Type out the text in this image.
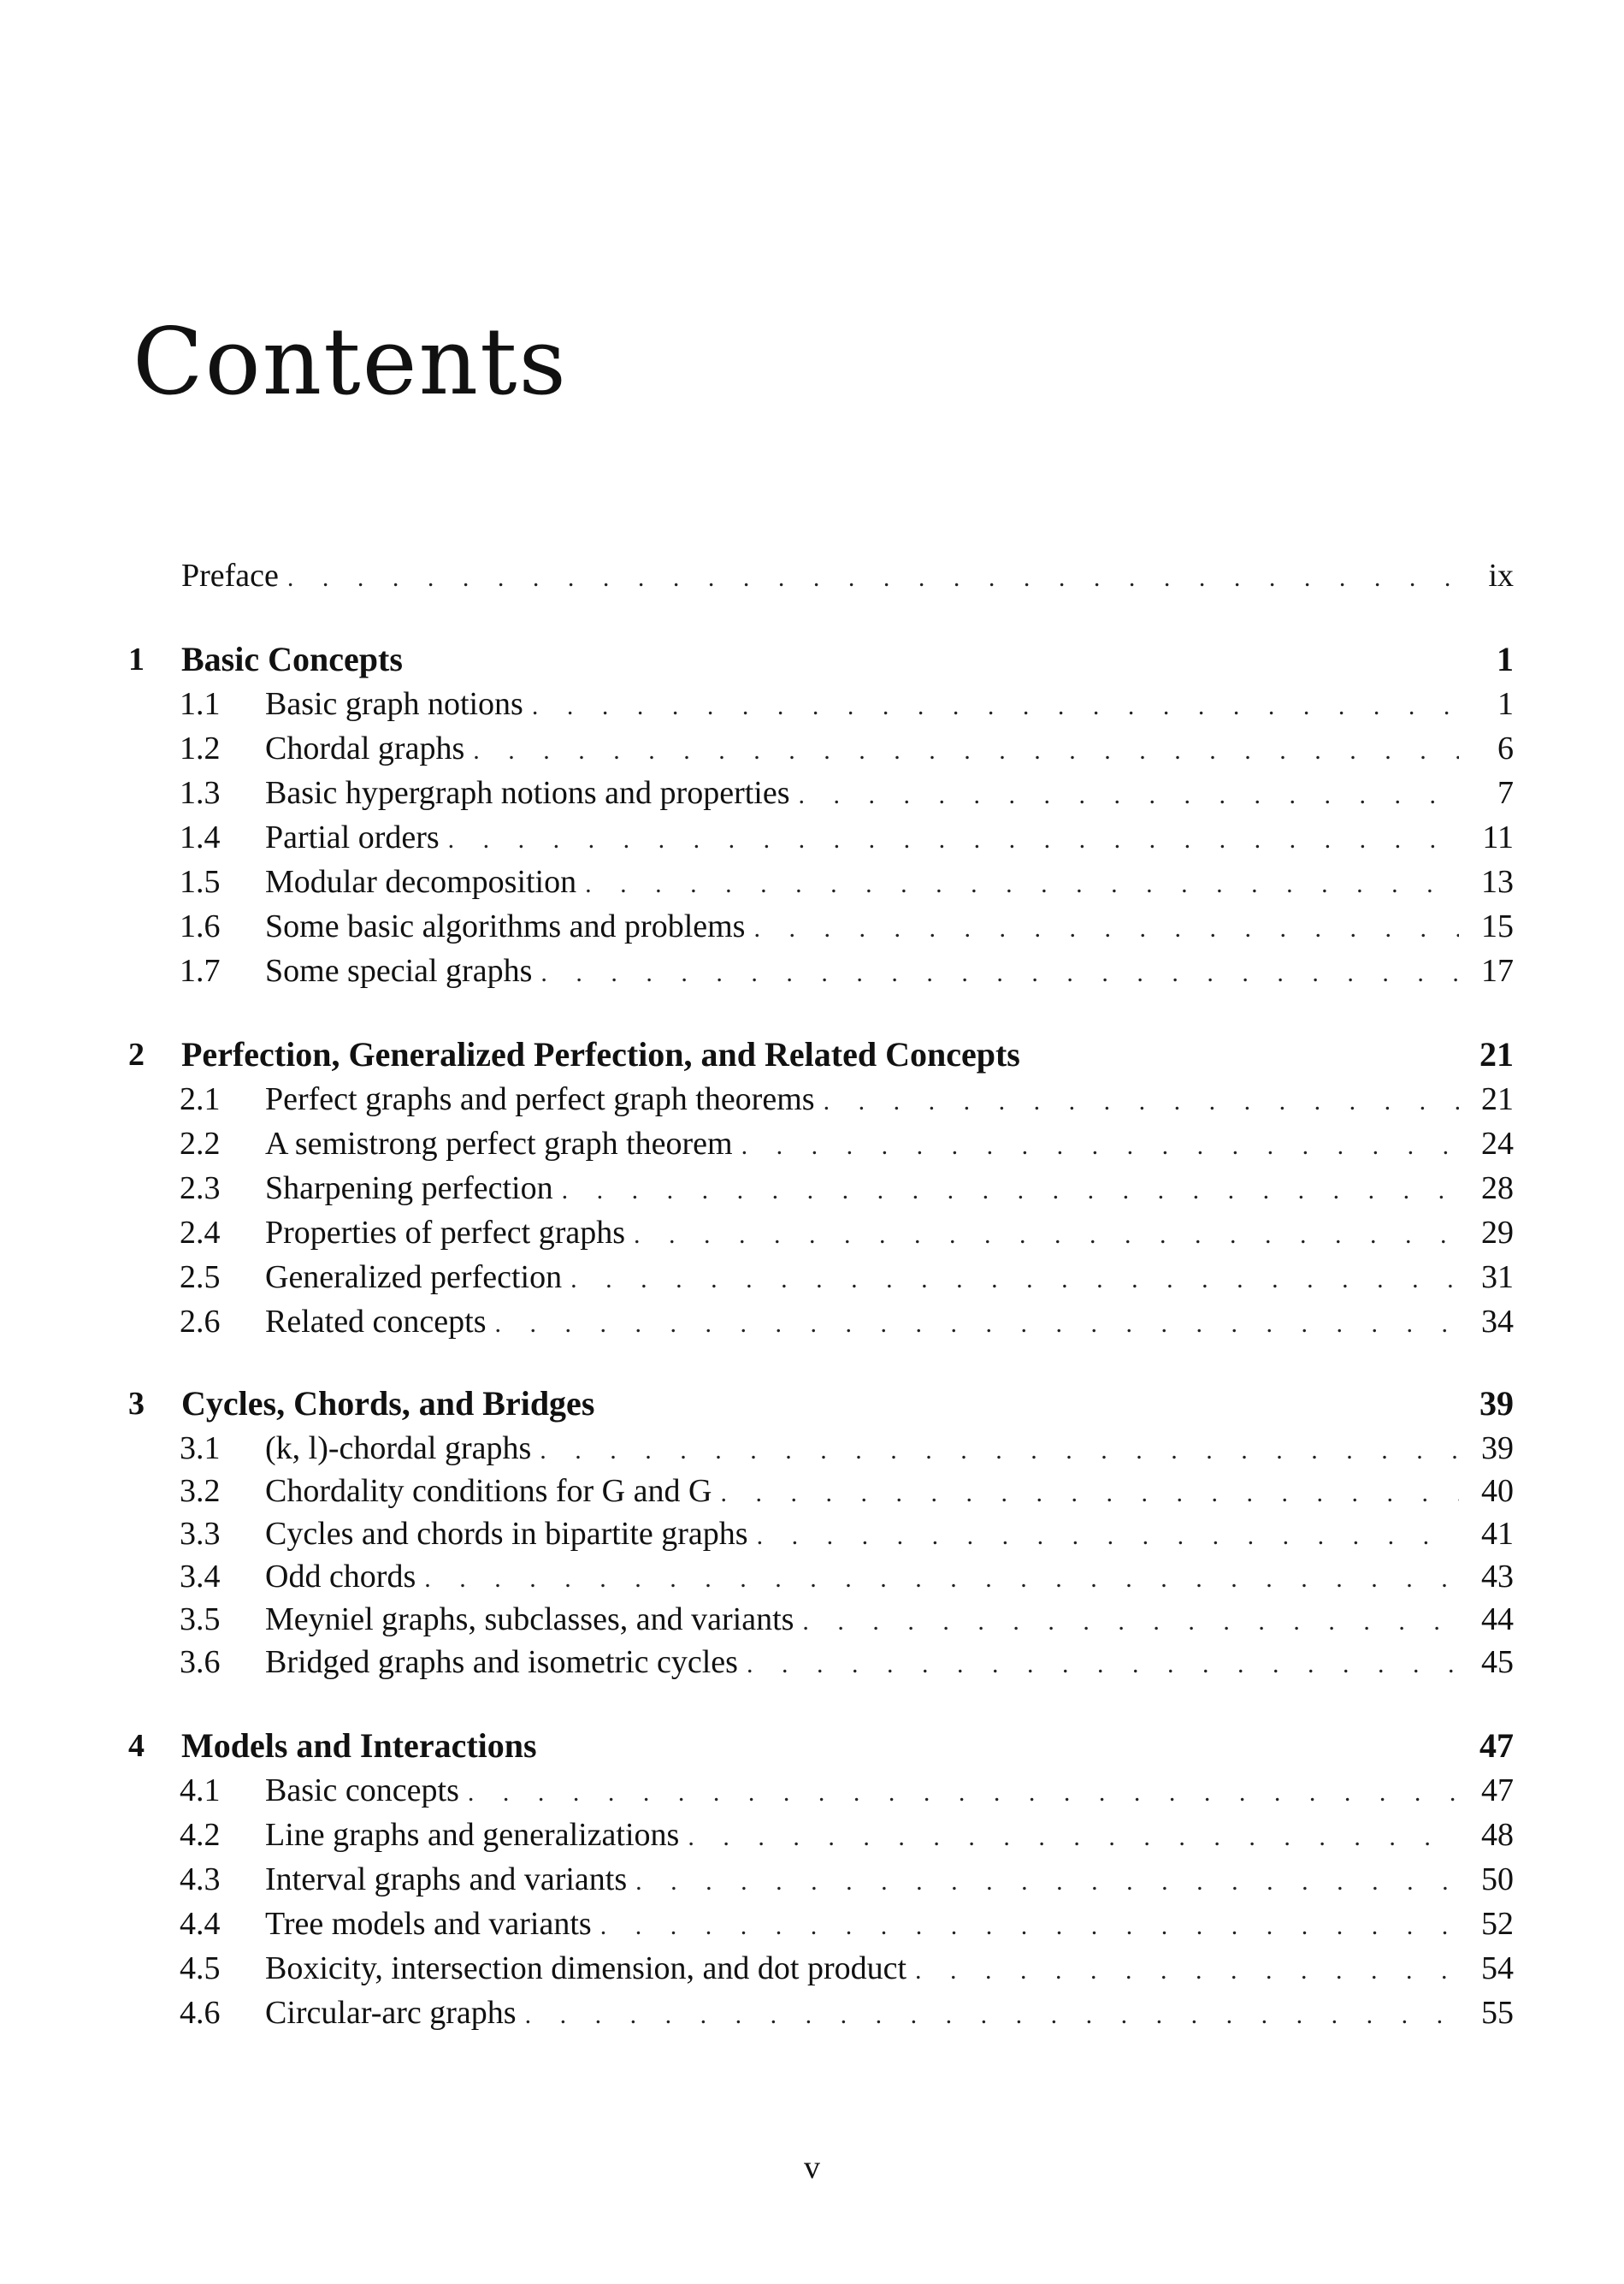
Contents
Preface . . .	ix
1	Basic Concepts	1
1.1	Basic graph notions . . .	1
1.2	Chordal graphs . . .	6
1.3	Basic hypergraph notions and properties . . .	7
1.4	Partial orders . . .	11
1.5	Modular decomposition . . .	13
1.6	Some basic algorithms and problems . . .	15
1.7	Some special graphs . . .	17
2	Perfection, Generalized Perfection, and Related Concepts	21
2.1	Perfect graphs and perfect graph theorems . . .	21
2.2	A semistrong perfect graph theorem . . .	24
2.3	Sharpening perfection . . .	28
2.4	Properties of perfect graphs . . .	29
2.5	Generalized perfection . . .	31
2.6	Related concepts . . .	34
3	Cycles, Chords, and Bridges	39
3.1	(k, l)-chordal graphs . . .	39
3.2	Chordality conditions for G and G . . .	40
3.3	Cycles and chords in bipartite graphs . . .	41
3.4	Odd chords . . .	43
3.5	Meyniel graphs, subclasses, and variants . . .	44
3.6	Bridged graphs and isometric cycles . . .	45
4	Models and Interactions	47
4.1	Basic concepts . . .	47
4.2	Line graphs and generalizations . . .	48
4.3	Interval graphs and variants . . .	50
4.4	Tree models and variants . . .	52
4.5	Boxicity, intersection dimension, and dot product . . .	54
4.6	Circular-arc graphs . . .	55
v
